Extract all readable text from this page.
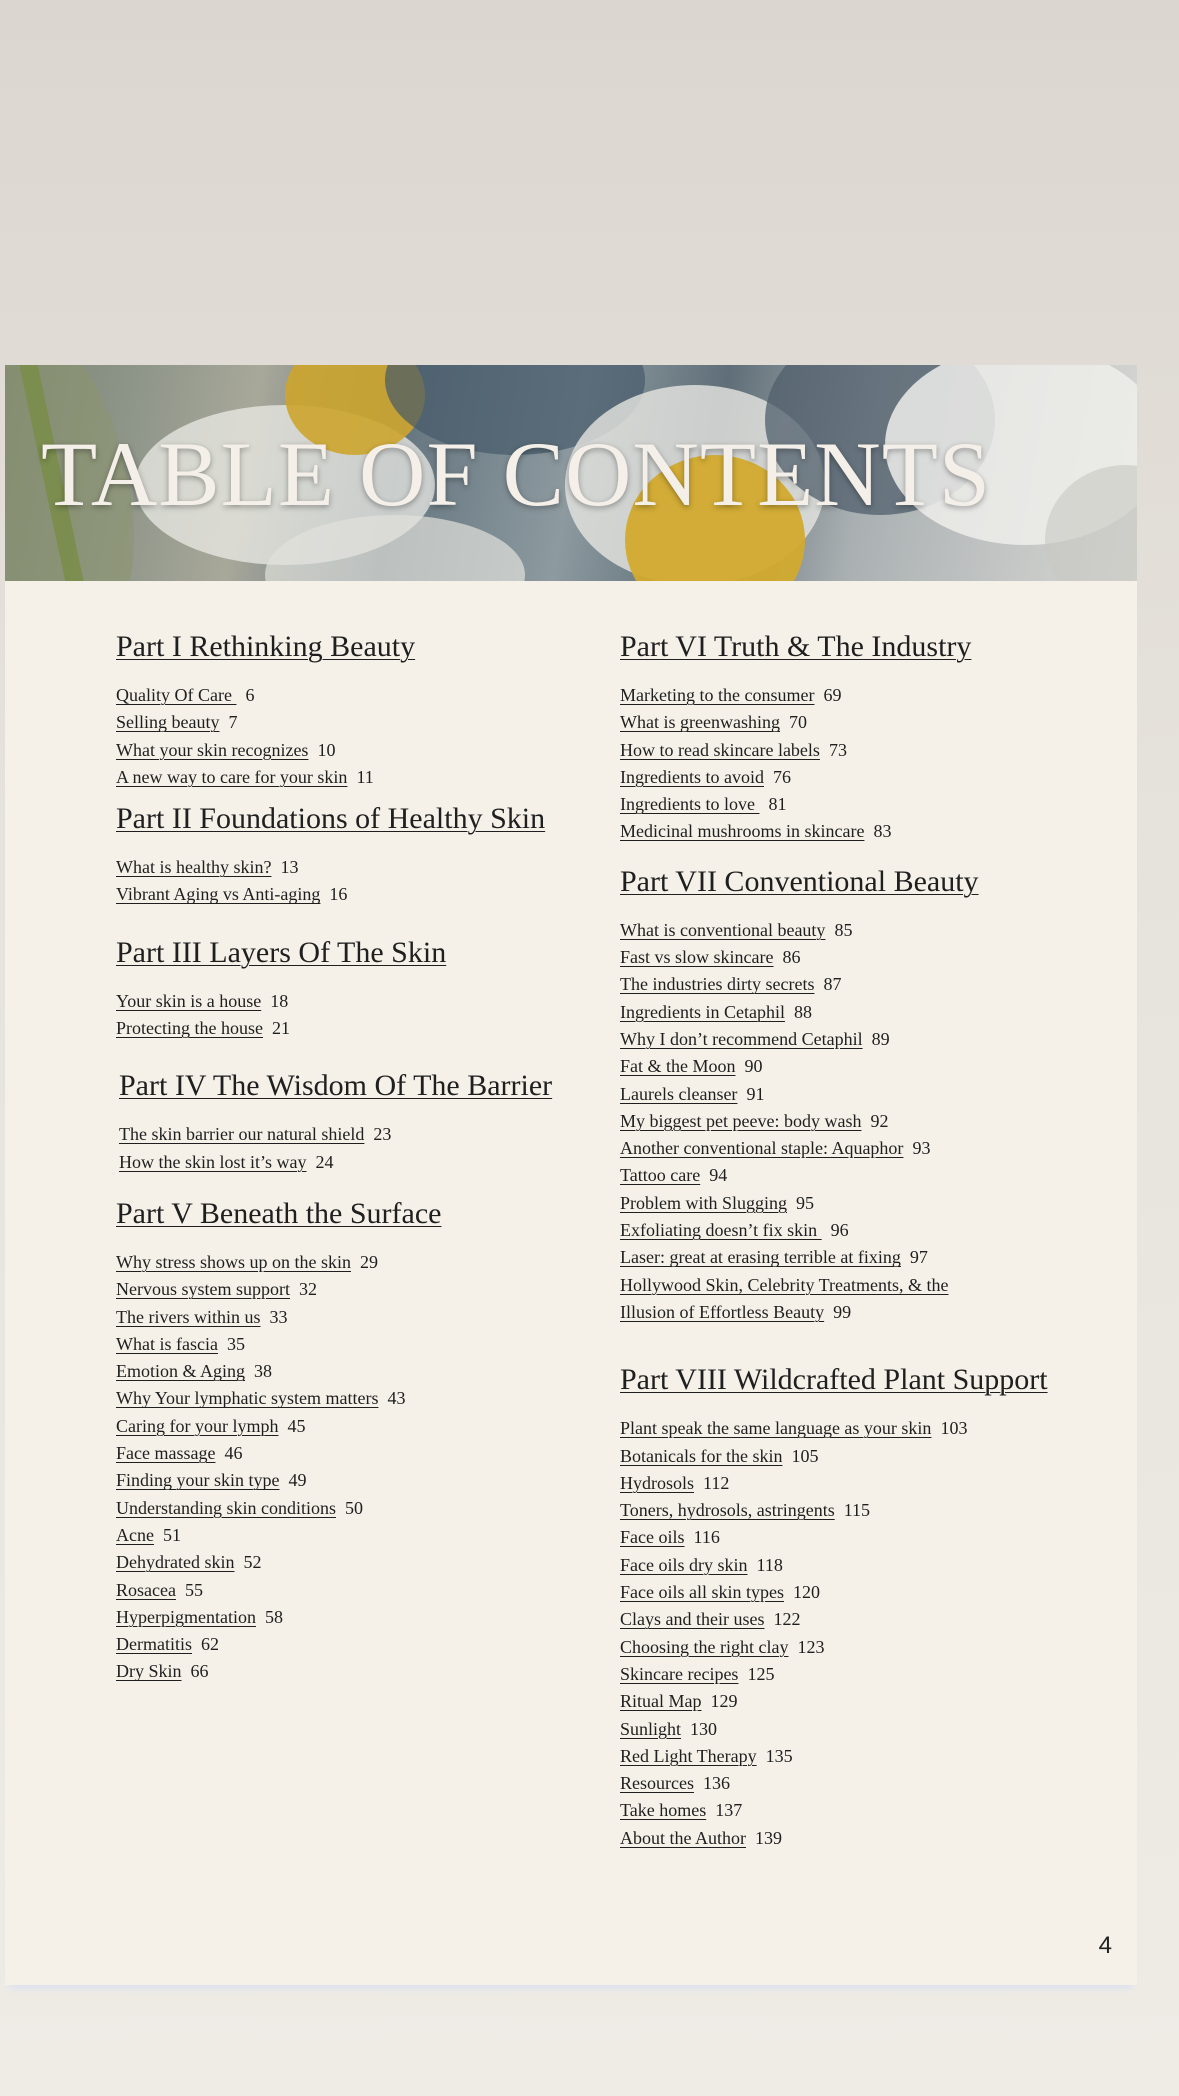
TABLE OF CONTENTS
Part I Rethinking Beauty
Quality Of Care 6
Selling beauty 7
What your skin recognizes 10
A new way to care for your skin 11
Part II Foundations of Healthy Skin
What is healthy skin? 13
Vibrant Aging vs Anti-aging 16
Part III Layers Of The Skin
Your skin is a house 18
Protecting the house 21
Part IV The Wisdom Of The Barrier
The skin barrier our natural shield 23
How the skin lost it’s way 24
Part V Beneath the Surface
Why stress shows up on the skin 29
Nervous system support 32
The rivers within us 33
What is fascia 35
Emotion & Aging 38
Why Your lymphatic system matters 43
Caring for your lymph 45
Face massage 46
Finding your skin type 49
Understanding skin conditions 50
Acne 51
Dehydrated skin 52
Rosacea 55
Hyperpigmentation 58
Dermatitis 62
Dry Skin 66
Part VI Truth & The Industry
Marketing to the consumer 69
What is greenwashing 70
How to read skincare labels 73
Ingredients to avoid 76
Ingredients to love 81
Medicinal mushrooms in skincare 83
Part VII Conventional Beauty
What is conventional beauty 85
Fast vs slow skincare 86
The industries dirty secrets 87
Ingredients in Cetaphil 88
Why I don’t recommend Cetaphil 89
Fat & the Moon 90
Laurels cleanser 91
My biggest pet peeve: body wash 92
Another conventional staple: Aquaphor 93
Tattoo care 94
Problem with Slugging 95
Exfoliating doesn’t fix skin 96
Laser: great at erasing terrible at fixing 97
Hollywood Skin, Celebrity Treatments, & the
Illusion of Effortless Beauty 99
Part VIII Wildcrafted Plant Support
Plant speak the same language as your skin 103
Botanicals for the skin 105
Hydrosols 112
Toners, hydrosols, astringents 115
Face oils 116
Face oils dry skin 118
Face oils all skin types 120
Clays and their uses 122
Choosing the right clay 123
Skincare recipes 125
Ritual Map 129
Sunlight 130
Red Light Therapy 135
Resources 136
Take homes 137
About the Author 139
4
